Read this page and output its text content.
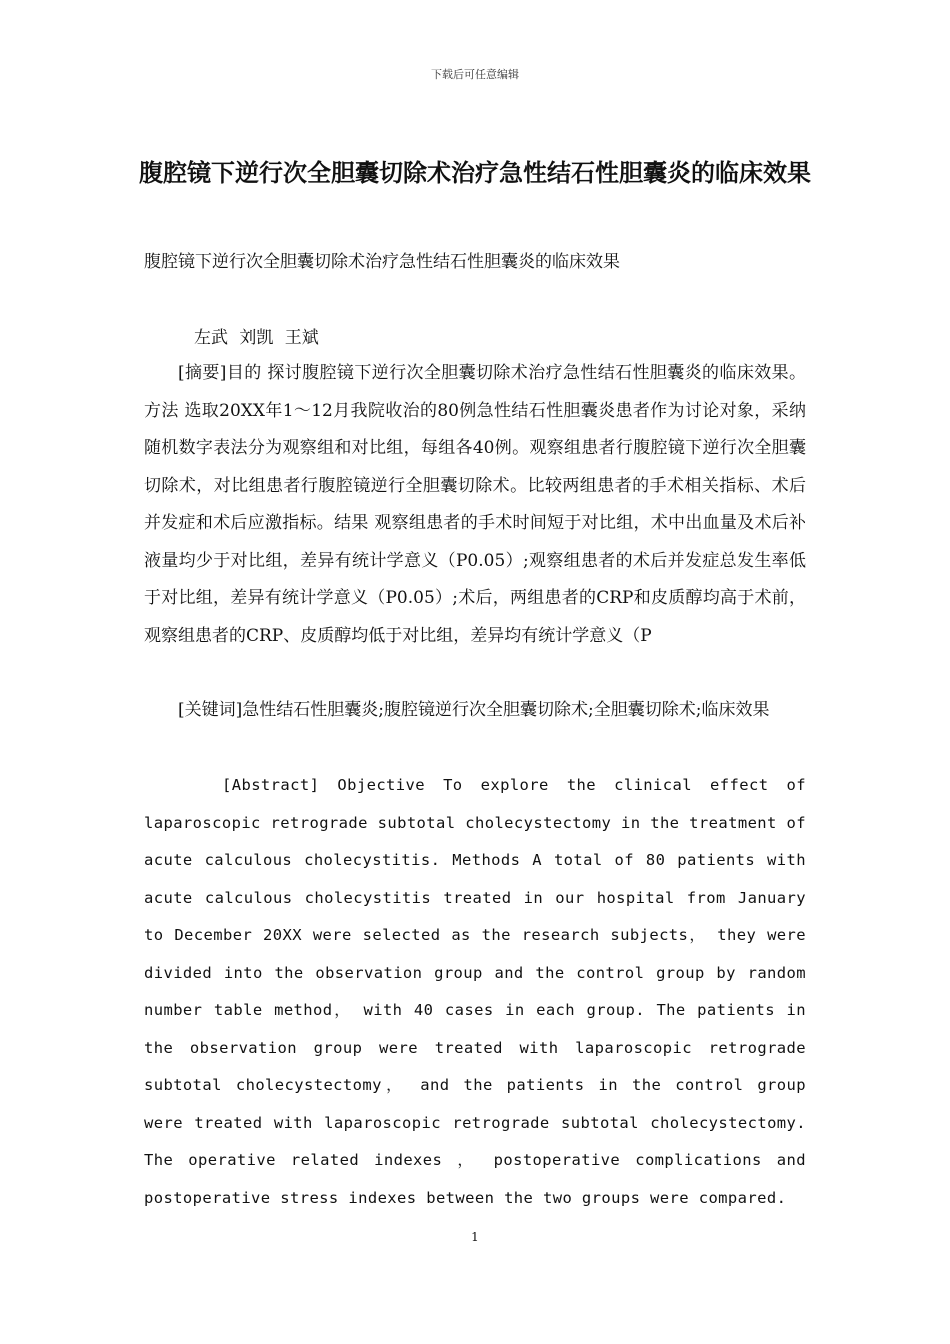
下载后可任意编辑
腹腔镜下逆行次全胆囊切除术治疗急性结石性胆囊炎的临床效果
腹腔镜下逆行次全胆囊切除术治疗急性结石性胆囊炎的临床效果
左武 刘凯 王斌
[摘要]目的 探讨腹腔镜下逆行次全胆囊切除术治疗急性结石性胆囊炎的临床效果。方法 选取20XX年1～12月我院收治的80例急性结石性胆囊炎患者作为讨论对象，采纳随机数字表法分为观察组和对比组，每组各40例。观察组患者行腹腔镜下逆行次全胆囊切除术，对比组患者行腹腔镜逆行全胆囊切除术。比较两组患者的手术相关指标、术后并发症和术后应激指标。结果 观察组患者的手术时间短于对比组，术中出血量及术后补液量均少于对比组，差异有统计学意义（P0.05）;观察组患者的术后并发症总发生率低于对比组，差异有统计学意义（P0.05）;术后，两组患者的CRP和皮质醇均高于术前，观察组患者的CRP、皮质醇均低于对比组，差异均有统计学意义（P
[关键词]急性结石性胆囊炎;腹腔镜逆行次全胆囊切除术;全胆囊切除术;临床效果
[Abstract] Objective To explore the clinical effect of laparoscopic retrograde subtotal cholecystectomy in the treatment of acute calculous cholecystitis. Methods A total of 80 patients with acute calculous cholecystitis treated in our hospital from January to December 20XX were selected as the research subjects， they were divided into the observation group and the control group by random number table method， with 40 cases in each group. The patients in the observation group were treated with laparoscopic retrograde subtotal cholecystectomy， and the patients in the control group were treated with laparoscopic retrograde subtotal cholecystectomy. The operative related indexes ， postoperative complications and postoperative stress indexes between the two groups were compared.
1
